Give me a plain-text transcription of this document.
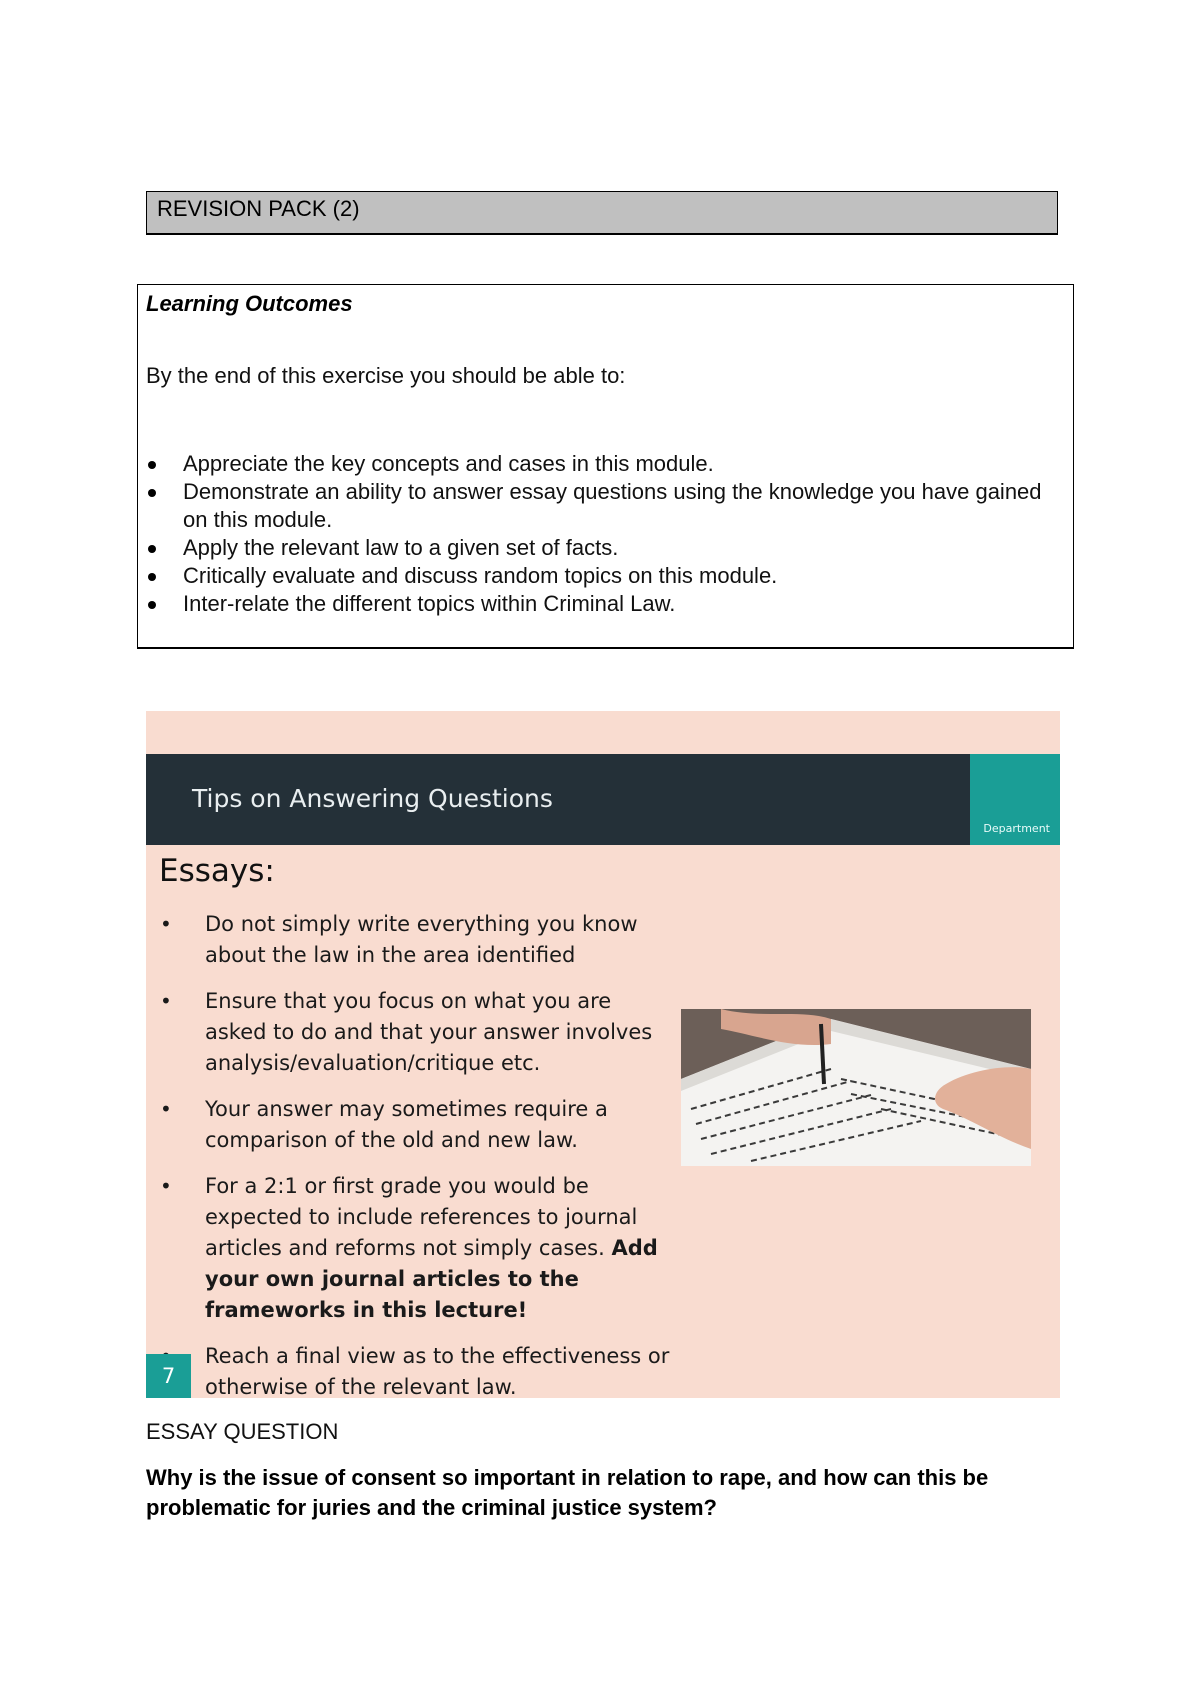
REVISION PACK (2)
Learning Outcomes
By the end of this exercise you should be able to:
Appreciate the key concepts and cases in this module.
Demonstrate an ability to answer essay questions using the knowledge you have gained on this module.
Apply the relevant law to a given set of facts.
Critically evaluate and discuss random topics on this module.
Inter-relate the different topics within Criminal Law.
Tips on Answering Questions
Department
Essays:
• Do not simply write everything you know about the law in the area identified
• Ensure that you focus on what you are asked to do and that your answer involves analysis/evaluation/critique etc.
• Your answer may sometimes require a comparison of the old and new law.
• For a 2:1 or first grade you would be expected to include references to journal articles and reforms not simply cases. Add your own journal articles to the frameworks in this lecture!
Reach a final view as to the effectiveness or otherwise of the relevant law.
7
ESSAY QUESTION
Why is the issue of consent so important in relation to rape, and how can this be problematic for juries and the criminal justice system?
